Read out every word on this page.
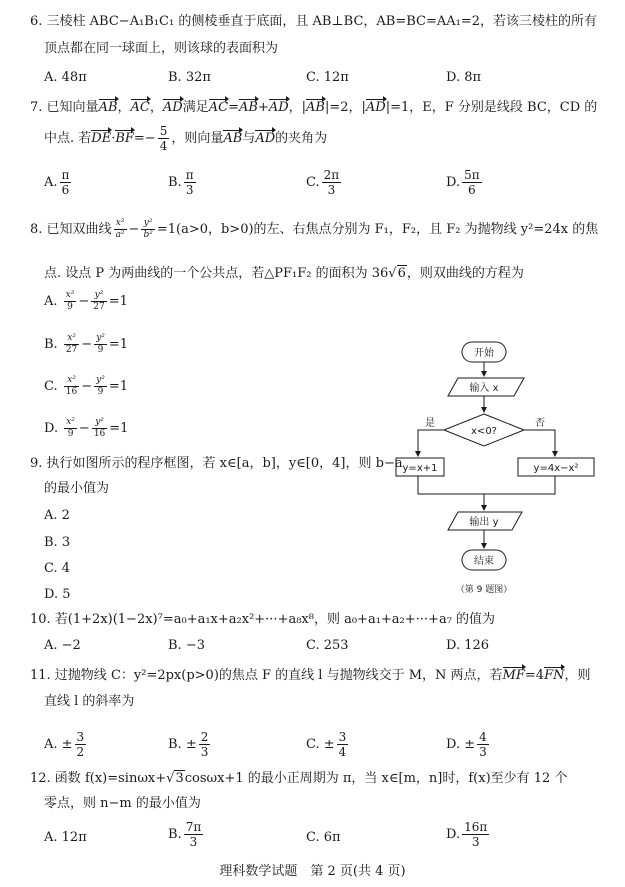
6. 三棱柱 ABC−A₁B₁C₁ 的侧棱垂直于底面，且 AB⊥BC，AB=BC=AA₁=2，若该三棱柱的所有
顶点都在同一球面上，则该球的表面积为
A. 48π	B. 32π	C. 12π	D. 8π
7. 已知向量AB，AC，AD满足AC=AB+AD，|AB|=2，|AD|=1，E，F 分别是线段 BC，CD 的
中点. 若$DE\cdot BF=- \frac{5}{4}$ ，则向量AB与AD的夹角为
A. $\frac{\pi}{6}$	B. $\frac{\pi}{3}$	C. $\frac{2\pi}{3}$	D. $\frac{5\pi}{6}$
8. 已知双曲线 $\frac{\text{x²}}{\text{a²}} - \frac{\text{y²}}{\text{b²}} =1(a>0$，b>0)的左、右焦点分别为 F₁，F₂，且 F₂ 为抛物线 y²=24x 的焦
点. 设点 P 为两曲线的一个公共点，若△PF₁F₂ 的面积为 36√6，则双曲线的方程为
A. $\frac{\text{x²}}{9} - \frac{\text{y²}}{27} =1$
B. $\frac{\text{x²}}{27} - \frac{\text{y²}}{9} =1$
C. $\frac{\text{x²}}{16} - \frac{\text{y²}}{9} =1$
D. $\frac{\text{x²}}{9} - \frac{\text{y²}}{16} =1$
9. 执行如图所示的程序框图，若 x∈[a，b]，y∈[0，4]，则 b−a
的最小值为
A. 2
B. 3
C. 4
D. 5
开始
输入 x
x<0?
是	否
y=x+1	y=4x−x²
输出 y
结束
（第 9 题图）
10. 若(1+2x)(1−2x)⁷=a₀+a₁x+a₂x²+···+a₈x⁸，则 a₀+a₁+a₂+···+a₇ 的值为
A. −2	B. −3	C. 253	D. 126
11. 过抛物线 C：y²=2px(p>0)的焦点 F 的直线 l 与抛物线交于 M，N 两点，若MF=4FN，则
直线 l 的斜率为
A. ± $\frac{3}{2}$	B. ± $\frac{2}{3}$	C. ± $\frac{3}{4}$	D. ± $\frac{4}{3}$
12. 函数 f(x)=sinωx+√3cosωx+1 的最小正周期为 π，当 x∈[m，n]时，f(x)至少有 12 个
零点，则 n−m 的最小值为
A. 12π	B. $\frac{7\pi}{3}$	C. 6π	D. $\frac{16\pi}{3}$
理科数学试题　第 2 页(共 4 页)
